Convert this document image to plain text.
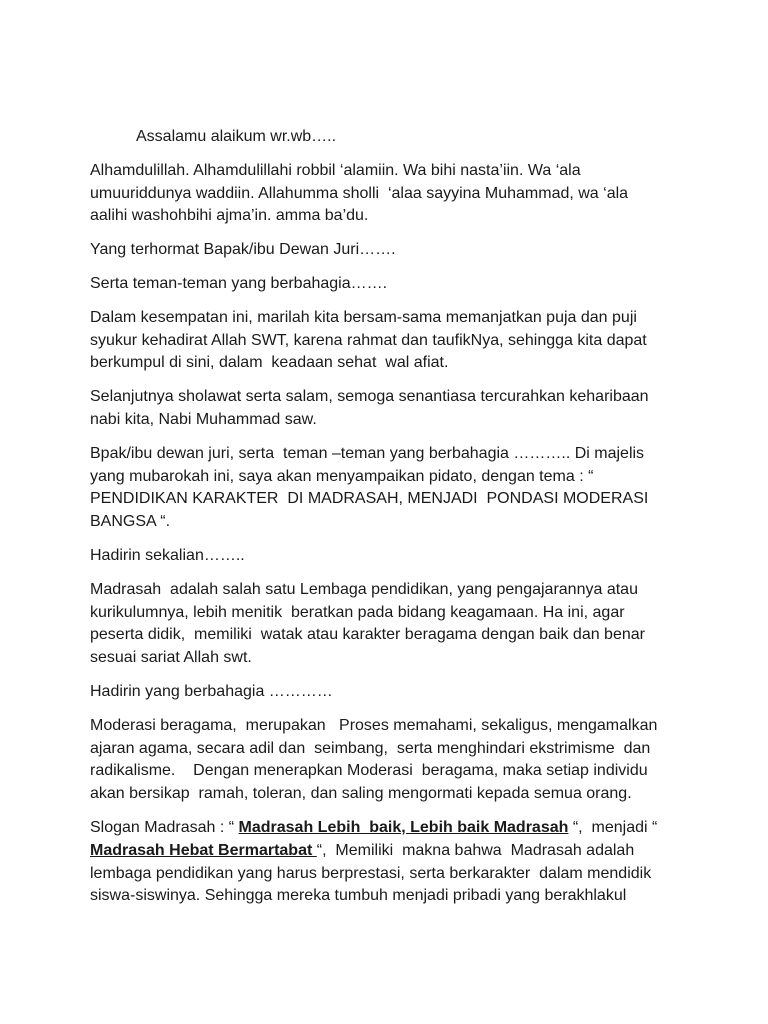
Assalamu alaikum wr.wb…..

Alhamdulillah. Alhamdulillahi robbil ‘alamiin. Wa bihi nasta’iin. Wa ‘ala
umuuriddunya waddiin. Allahumma sholli  ‘alaa sayyina Muhammad, wa ‘ala
aalihi washohbihi ajma’in. amma ba’du.

Yang terhormat Bapak/ibu Dewan Juri…….

Serta teman-teman yang berbahagia…….

Dalam kesempatan ini, marilah kita bersam-sama memanjatkan puja dan puji
syukur kehadirat Allah SWT, karena rahmat dan taufikNya, sehingga kita dapat
berkumpul di sini, dalam  keadaan sehat  wal afiat.

Selanjutnya sholawat serta salam, semoga senantiasa tercurahkan keharibaan
nabi kita, Nabi Muhammad saw.

Bpak/ibu dewan juri, serta  teman –teman yang berbahagia ……….. Di majelis
yang mubarokah ini, saya akan menyampaikan pidato, dengan tema : “
PENDIDIKAN KARAKTER  DI MADRASAH, MENJADI  PONDASI MODERASI
BANGSA “.

Hadirin sekalian……..

Madrasah  adalah salah satu Lembaga pendidikan, yang pengajarannya atau
kurikulumnya, lebih menitik  beratkan pada bidang keagamaan. Ha ini, agar
peserta didik,  memiliki  watak atau karakter beragama dengan baik dan benar
sesuai sariat Allah swt.

Hadirin yang berbahagia …………

Moderasi beragama,  merupakan   Proses memahami, sekaligus, mengamalkan
ajaran agama, secara adil dan  seimbang,  serta menghindari ekstrimisme  dan
radikalisme.    Dengan menerapkan Moderasi  beragama, maka setiap individu
akan bersikap  ramah, toleran, dan saling mengormati kepada semua orang.

Slogan Madrasah : “ Madrasah Lebih  baik, Lebih baik Madrasah “,  menjadi “
Madrasah Hebat Bermartabat “,  Memiliki  makna bahwa  Madrasah adalah
lembaga pendidikan yang harus berprestasi, serta berkarakter  dalam mendidik
siswa-siswinya. Sehingga mereka tumbuh menjadi pribadi yang berakhlakul
